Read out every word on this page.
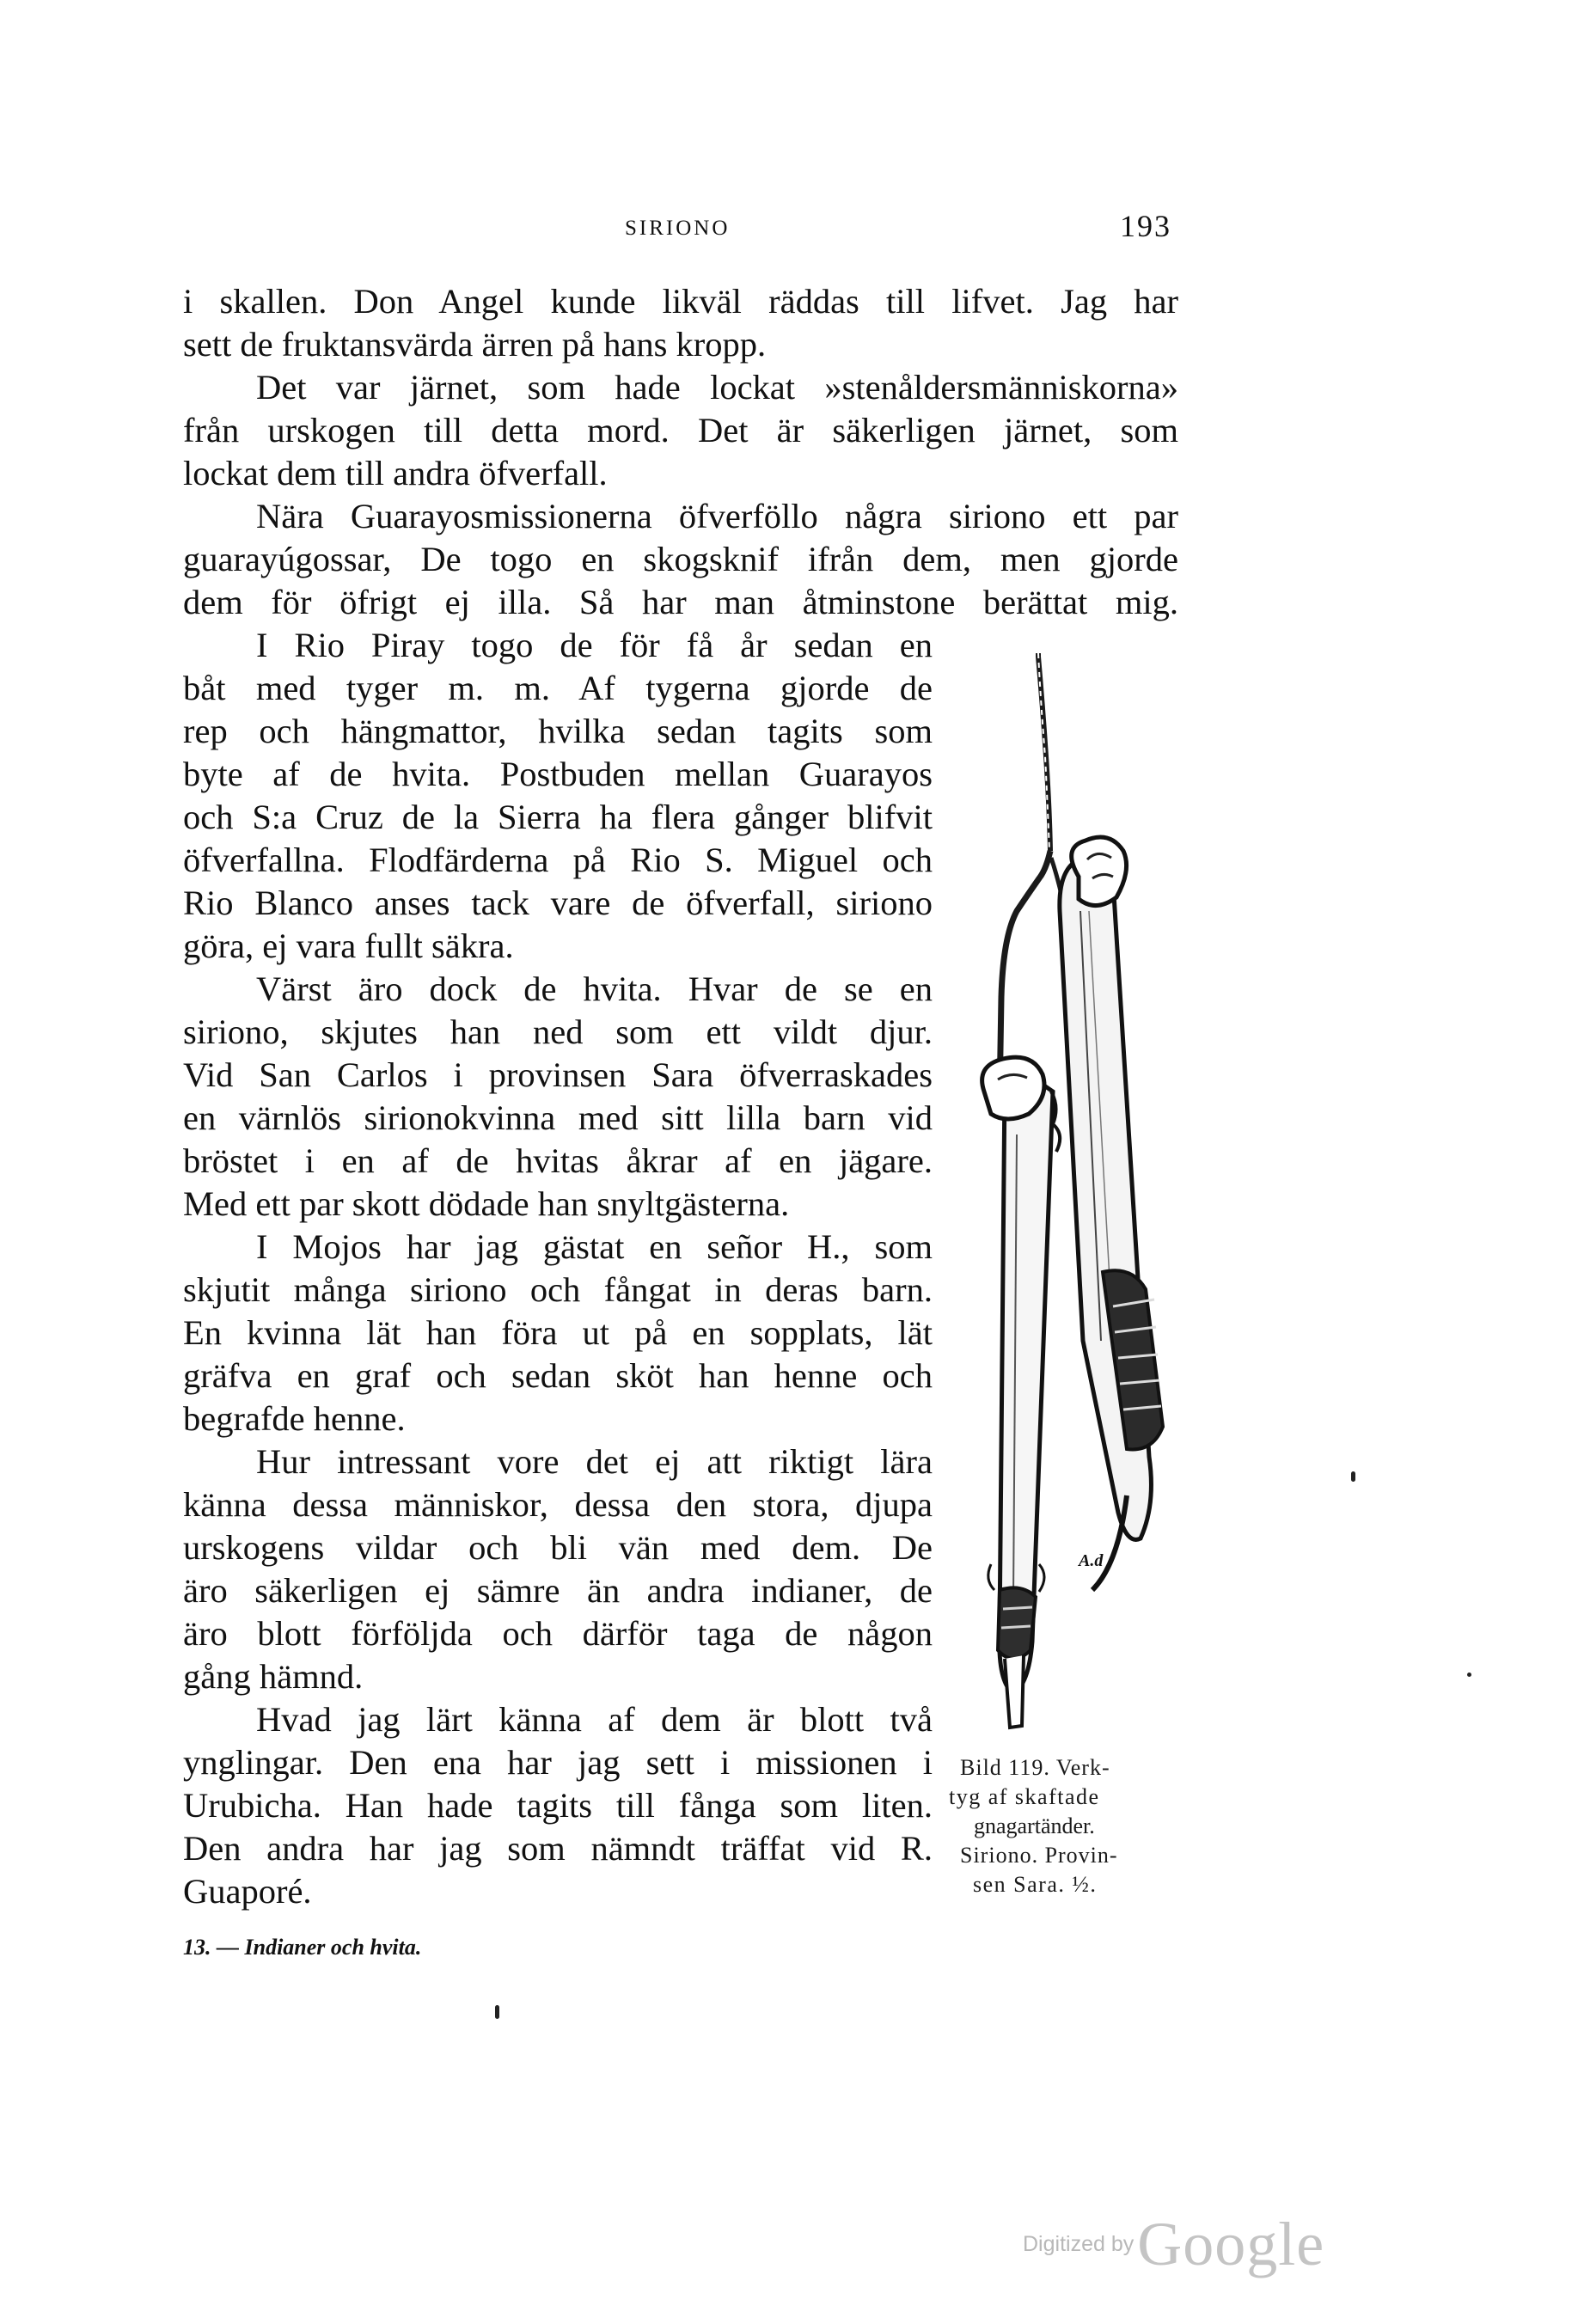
SIRIONO	193
i skallen. Don Angel kunde likväl räddas till lifvet. Jag har
sett de fruktansvärda ärren på hans kropp.
Det var järnet, som hade lockat »stenåldersmänniskorna»
från urskogen till detta mord. Det är säkerligen järnet, som
lockat dem till andra öfverfall.
Nära Guarayosmissionerna öfverföllo några siriono ett par
guarayúgossar, De togo en skogsknif ifrån dem, men gjorde
dem för öfrigt ej illa. Så har man åtminstone berättat mig.
I Rio Piray togo de för få år sedan en
båt med tyger m. m. Af tygerna gjorde de
rep och hängmattor, hvilka sedan tagits som
byte af de hvita. Postbuden mellan Guarayos
och S:a Cruz de la Sierra ha flera gånger blifvit
öfverfallna. Flodfärderna på Rio S. Miguel och
Rio Blanco anses tack vare de öfverfall, siriono
göra, ej vara fullt säkra.
Värst äro dock de hvita. Hvar de se en
siriono, skjutes han ned som ett vildt djur.
Vid San Carlos i provinsen Sara öfverraskades
en värnlös sirionokvinna med sitt lilla barn vid
bröstet i en af de hvitas åkrar af en jägare.
Med ett par skott dödade han snyltgästerna.
I Mojos har jag gästat en señor H., som
skjutit många siriono och fångat in deras barn.
En kvinna lät han föra ut på en sopplats, lät
gräfva en graf och sedan sköt han henne och
begrafde henne.
Hur intressant vore det ej att riktigt lära
känna dessa människor, dessa den stora, djupa
urskogens vildar och bli vän med dem. De
äro säkerligen ej sämre än andra indianer, de
äro blott förföljda och därför taga de någon
gång hämnd.
Hvad jag lärt känna af dem är blott två
ynglingar. Den ena har jag sett i missionen i
Urubicha. Han hade tagits till fånga som liten.
Den andra har jag som nämndt träffat vid R.
Guaporé.
A.d
Bild 119. Verk-
tyg af skaftade
gnagartänder.
Siriono. Provin-
sen Sara. ½.
13. — Indianer och hvita.
Digitized by Google
